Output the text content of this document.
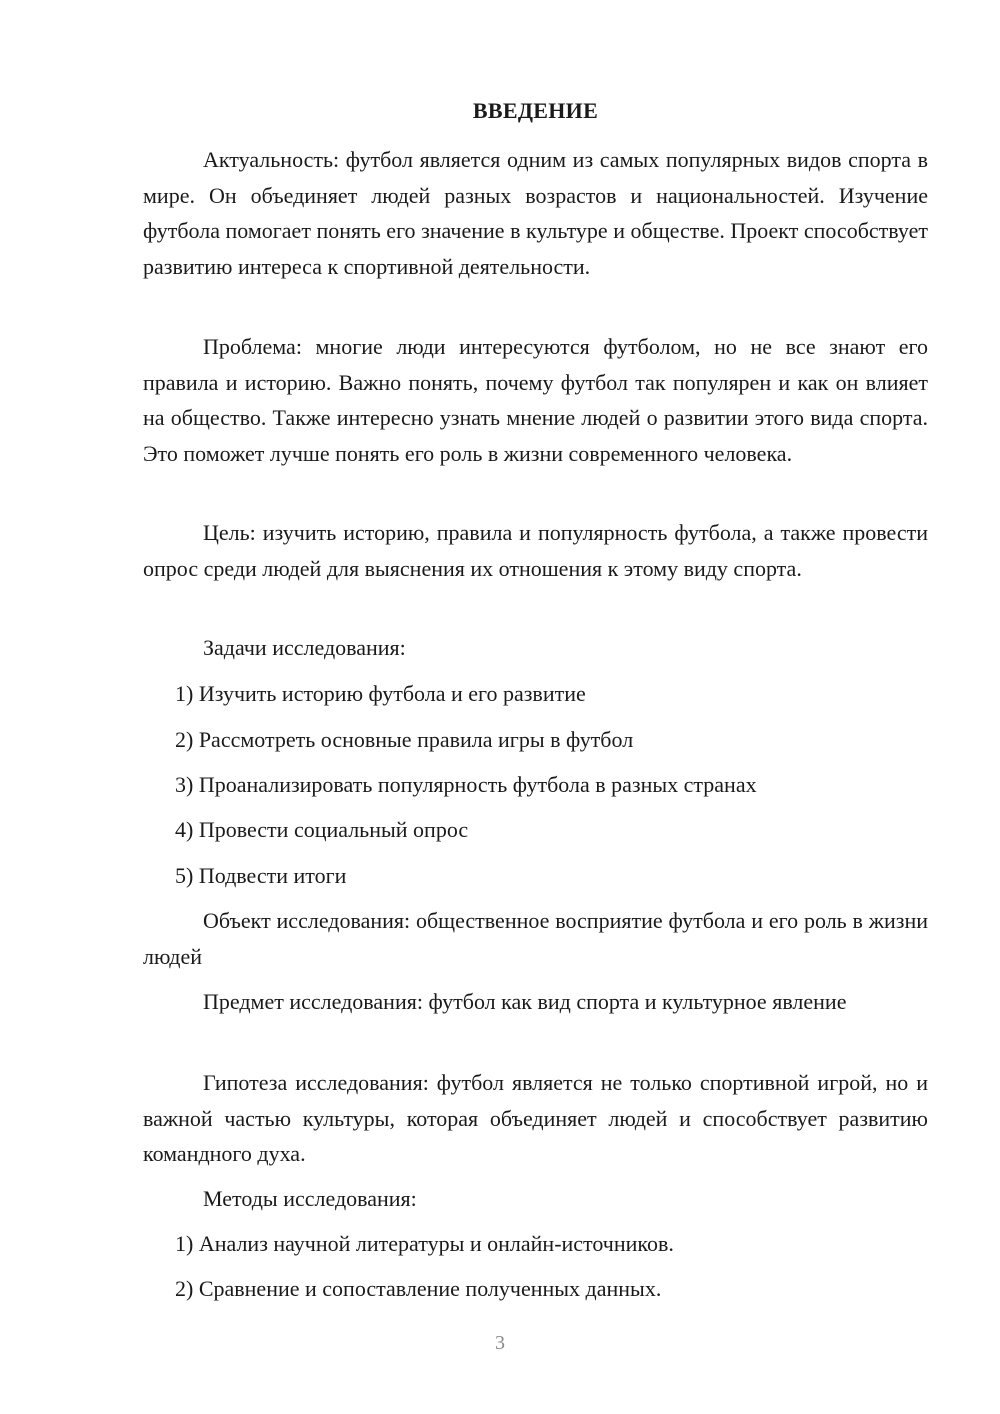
ВВЕДЕНИЕ

Актуальность: футбол является одним из самых популярных видов спорта в мире. Он объединяет людей разных возрастов и национальностей. Изучение футбола помогает понять его значение в культуре и обществе. Проект способствует развитию интереса к спортивной деятельности.

Проблема: многие люди интересуются футболом, но не все знают его правила и историю. Важно понять, почему футбол так популярен и как он влияет на общество. Также интересно узнать мнение людей о развитии этого вида спорта. Это поможет лучше понять его роль в жизни современного человека.

Цель: изучить историю, правила и популярность футбола, а также провести опрос среди людей для выяснения их отношения к этому виду спорта.

Задачи исследования:

1) Изучить историю футбола и его развитие

2) Рассмотреть основные правила игры в футбол

3) Проанализировать популярность футбола в разных странах

4) Провести социальный опрос

5) Подвести итоги

Объект исследования: общественное восприятие футбола и его роль в жизни людей

Предмет исследования: футбол как вид спорта и культурное явление

Гипотеза исследования: футбол является не только спортивной игрой, но и важной частью культуры, которая объединяет людей и способствует развитию командного духа.

Методы исследования:

1) Анализ научной литературы и онлайн-источников.

2) Сравнение и сопоставление полученных данных.

3
